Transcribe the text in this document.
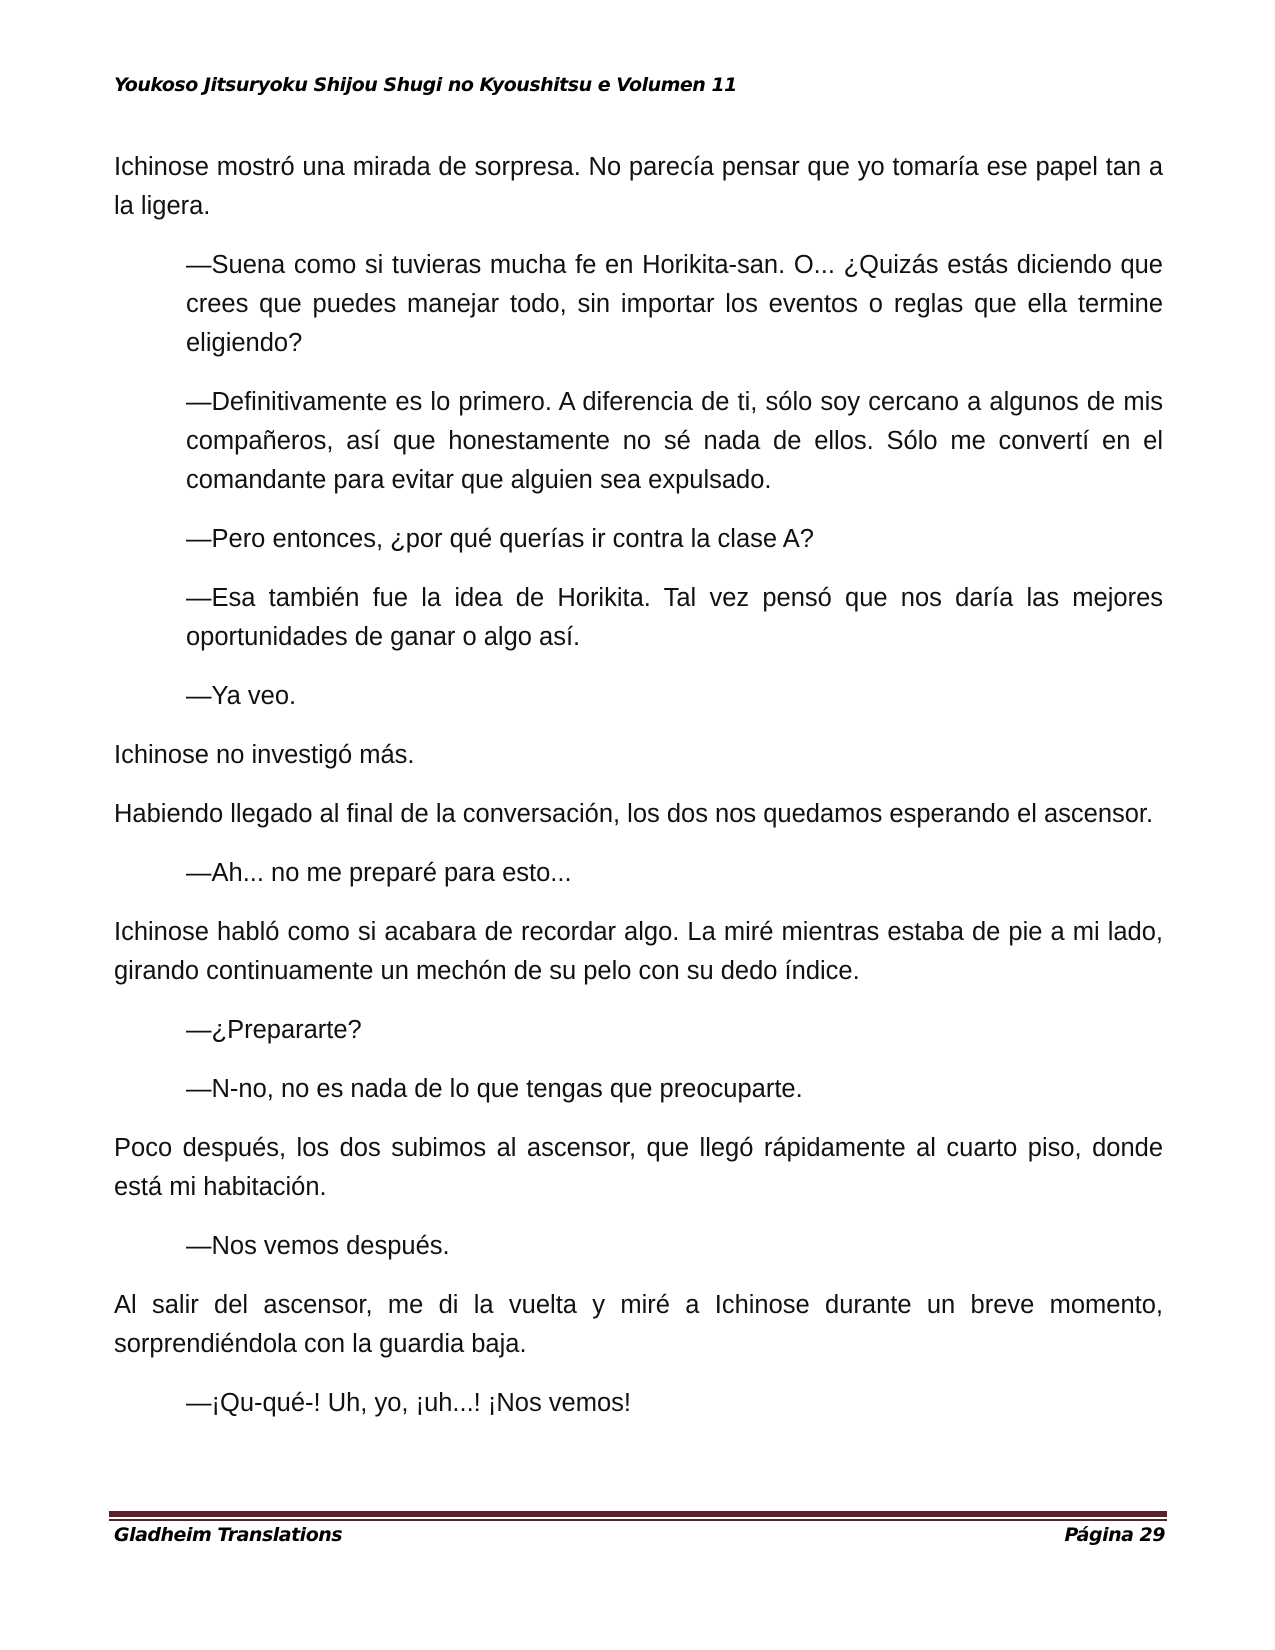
Youkoso Jitsuryoku Shijou Shugi no Kyoushitsu e Volumen 11

Ichinose mostró una mirada de sorpresa. No parecía pensar que yo tomaría ese papel tan a la ligera.

—Suena como si tuvieras mucha fe en Horikita-san. O... ¿Quizás estás diciendo que crees que puedes manejar todo, sin importar los eventos o reglas que ella termine eligiendo?

—Definitivamente es lo primero. A diferencia de ti, sólo soy cercano a algunos de mis compañeros, así que honestamente no sé nada de ellos. Sólo me convertí en el comandante para evitar que alguien sea expulsado.

—Pero entonces, ¿por qué querías ir contra la clase A?

—Esa también fue la idea de Horikita. Tal vez pensó que nos daría las mejores oportunidades de ganar o algo así.

—Ya veo.

Ichinose no investigó más.

Habiendo llegado al final de la conversación, los dos nos quedamos esperando el ascensor.

—Ah... no me preparé para esto...

Ichinose habló como si acabara de recordar algo. La miré mientras estaba de pie a mi lado, girando continuamente un mechón de su pelo con su dedo índice.

—¿Prepararte?

—N-no, no es nada de lo que tengas que preocuparte.

Poco después, los dos subimos al ascensor, que llegó rápidamente al cuarto piso, donde está mi habitación.

—Nos vemos después.

Al salir del ascensor, me di la vuelta y miré a Ichinose durante un breve momento, sorprendiéndola con la guardia baja.

—¡Qu-qué-! Uh, yo, ¡uh...! ¡Nos vemos!

Gladheim Translations	Página 29
